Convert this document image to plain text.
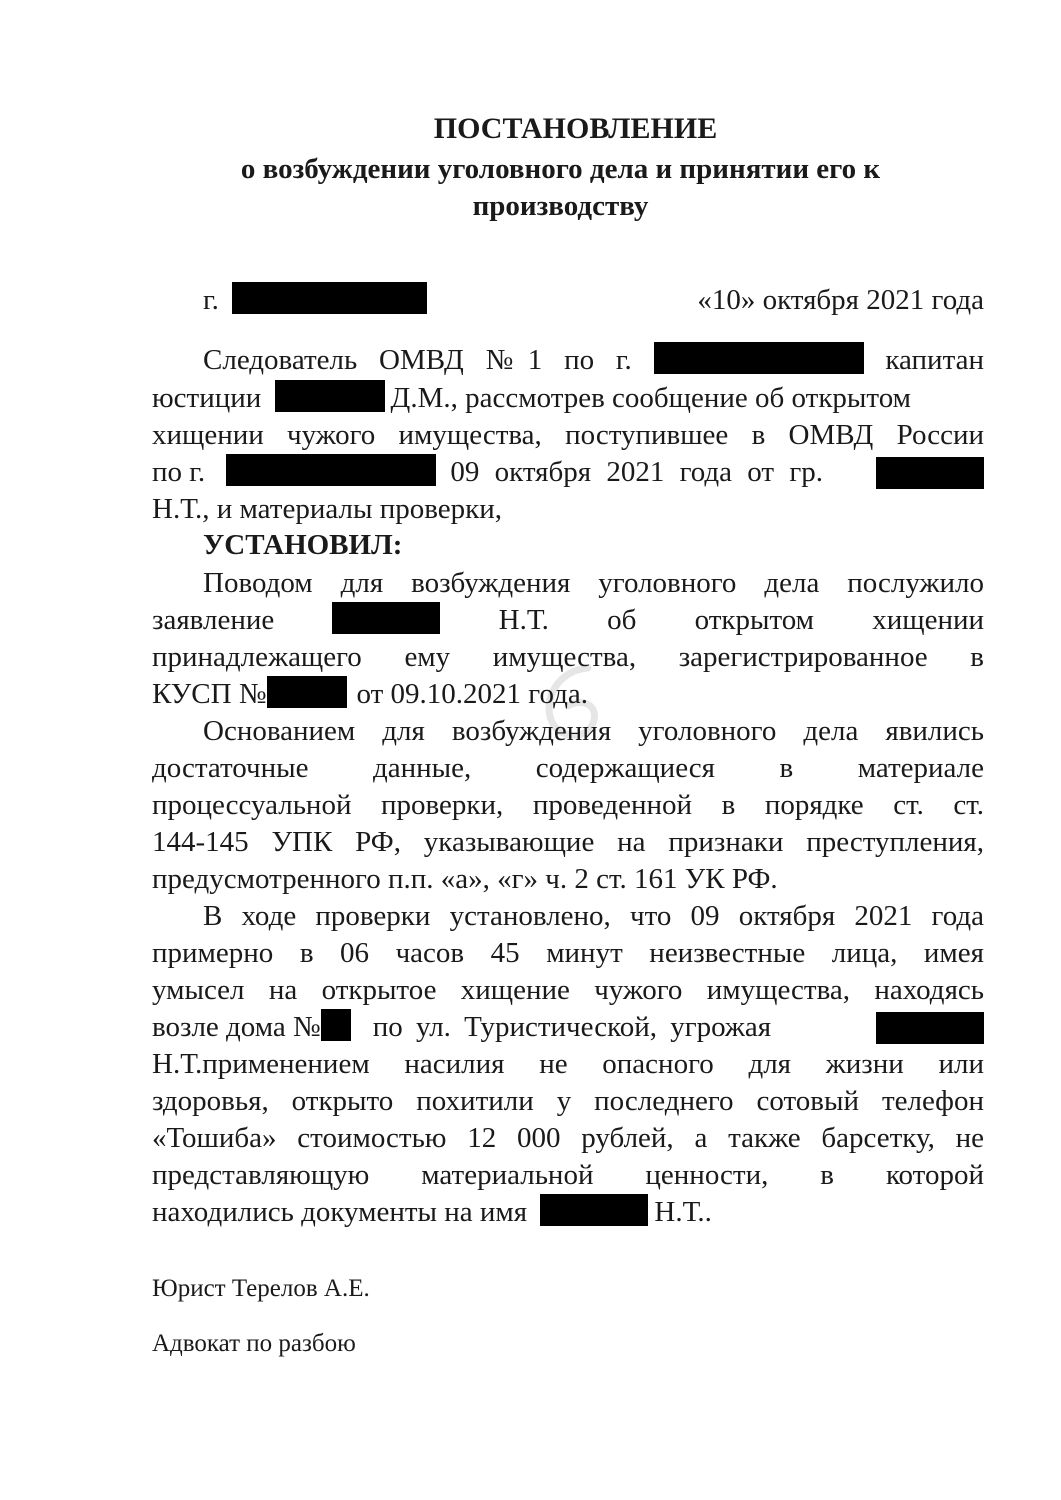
ПОСТАНОВЛЕНИЕ
о возбуждении уголовного дела и принятии его к
производству
г.	«10» октября 2021 года
Следователь ОМВД №1 по г.	капитан
юстиции	Д.М., рассмотрев сообщение об открытом
хищении чужого имущества, поступившее в ОМВД России
по г.	09 октября 2021 года от гр.
Н.Т., и материалы проверки,
УСТАНОВИЛ:
Поводом для возбуждения уголовного дела послужило
заявление	Н.Т. об открытом хищении
принадлежащего ему имущества, зарегистрированное в
КУСП №	от 09.10.2021 года.
Основанием для возбуждения уголовного дела явились
достаточные данные, содержащиеся в материале
процессуальной проверки, проведенной в порядке ст. ст.
144-145 УПК РФ, указывающие на признаки преступления,
предусмотренного п.п. «а», «г» ч. 2 ст. 161 УК РФ.
В ходе проверки установлено, что 09 октября 2021 года
примерно в 06 часов 45 минут неизвестные лица, имея
умысел на открытое хищение чужого имущества, находясь
возле дома № по ул. Туристической, угрожая
Н.Т.применением насилия не опасного для жизни или
здоровья, открыто похитили у последнего сотовый телефон
«Тошиба» стоимостью 12 000 рублей, а также барсетку, не
представляющую материальной ценности, в которой
находились документы на имя	Н.Т..
Юрист Терелов А.Е.
Адвокат по разбою
